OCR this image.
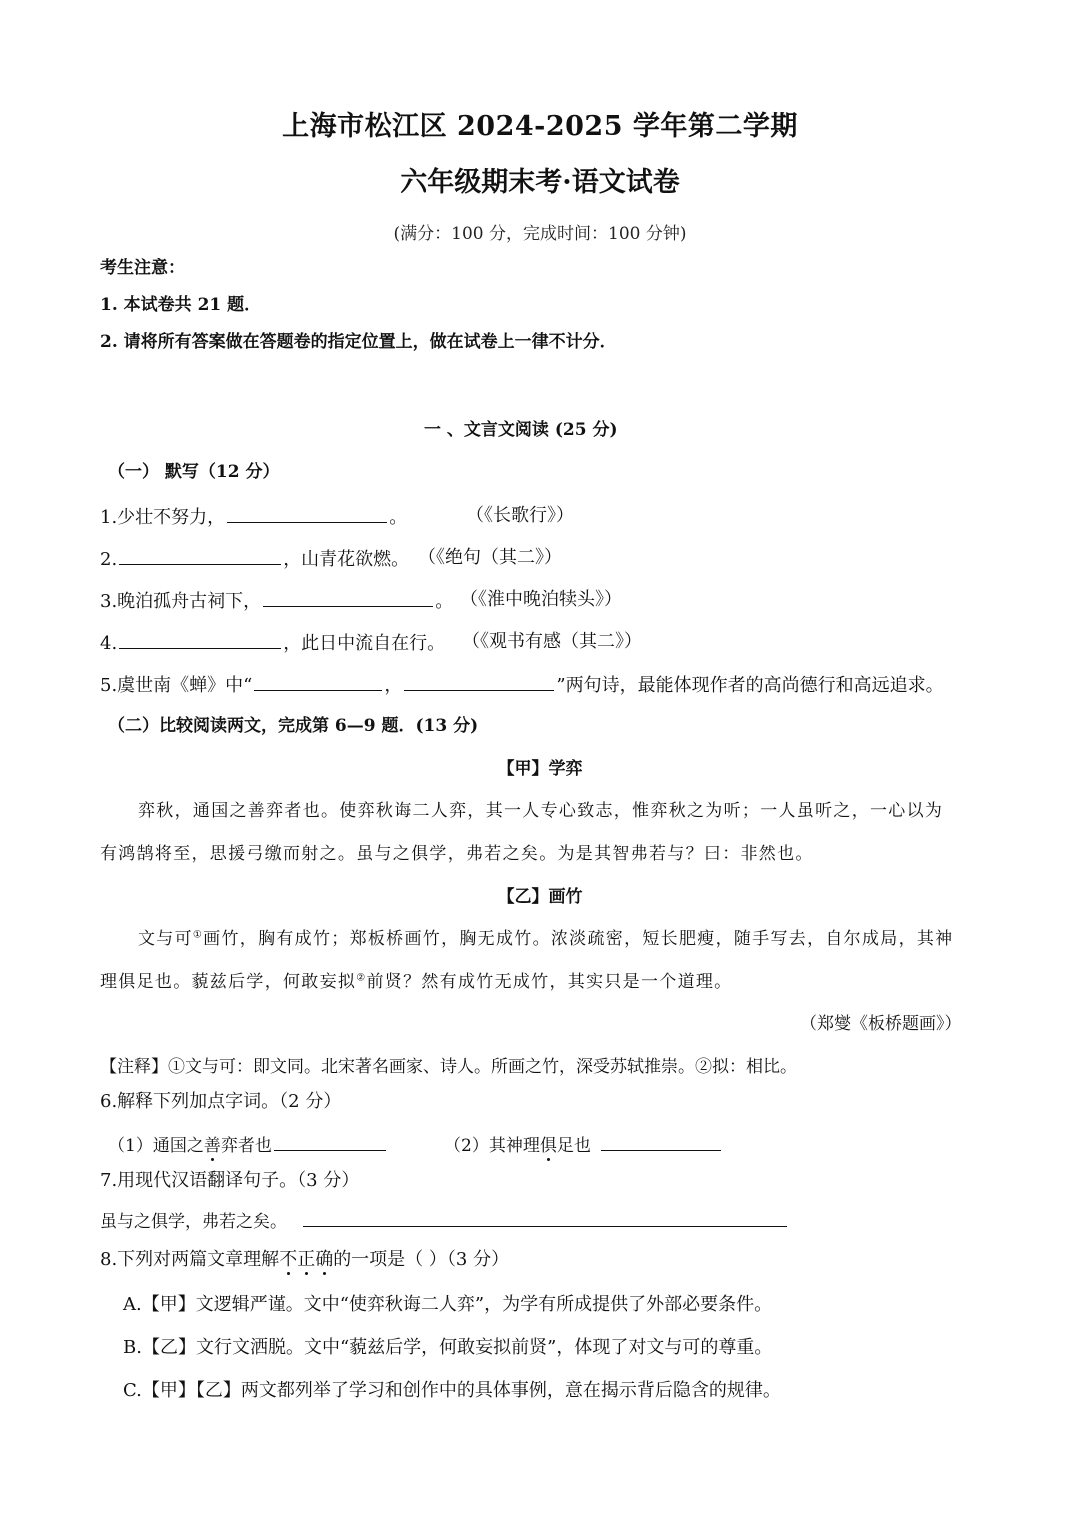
上海市松江区 2024-2025 学年第二学期
六年级期末考·语文试卷
(满分：100 分，完成时间：100 分钟)
考生注意：
1. 本试卷共 21 题．
2. 请将所有答案做在答题卷的指定位置上，做在试卷上一律不计分．
一 、文言文阅读 (25 分)
（一） 默写（12 分）
1.少壮不努力，	。	（《长歌行》）
2.	，山青花欲燃。 （《绝句（其二》）
3.晚泊孤舟古祠下，	。 （《淮中晚泊犊头》）
4.	，此日中流自在行。 （《观书有感（其二》）
5.虞世南《蝉》中“	，	”两句诗，最能体现作者的高尚德行和高远追求。
（二）比较阅读两文，完成第 6—9 题．(13 分)
【甲】学弈
弈秋，通国之善弈者也。使弈秋诲二人弈，其一人专心致志，惟弈秋之为听；一人虽听之，一心以为
有鸿鹄将至，思援弓缴而射之。虽与之俱学，弗若之矣。为是其智弗若与？曰：非然也。
【乙】画竹
文与可①画竹，胸有成竹；郑板桥画竹，胸无成竹。浓淡疏密，短长肥瘦，随手写去，自尔成局，其神
理俱足也。藐兹后学，何敢妄拟②前贤？然有成竹无成竹，其实只是一个道理。
（郑燮《板桥题画》）
【注释】①文与可：即文同。北宋著名画家、诗人。所画之竹，深受苏轼推崇。②拟：相比。
6.解释下列加点字词。（2 分）
（1）通国之善弈者也	（2）其神理俱足也
7.用现代汉语翻译句子。（3 分）
虽与之俱学，弗若之矣。
8.下列对两篇文章理解不正确的一项是（ ）（3 分）
A.【甲】文逻辑严谨。文中“使弈秋诲二人弈”，为学有所成提供了外部必要条件。
B.【乙】文行文洒脱。文中“藐兹后学，何敢妄拟前贤”，体现了对文与可的尊重。
C.【甲】【乙】两文都列举了学习和创作中的具体事例，意在揭示背后隐含的规律。
